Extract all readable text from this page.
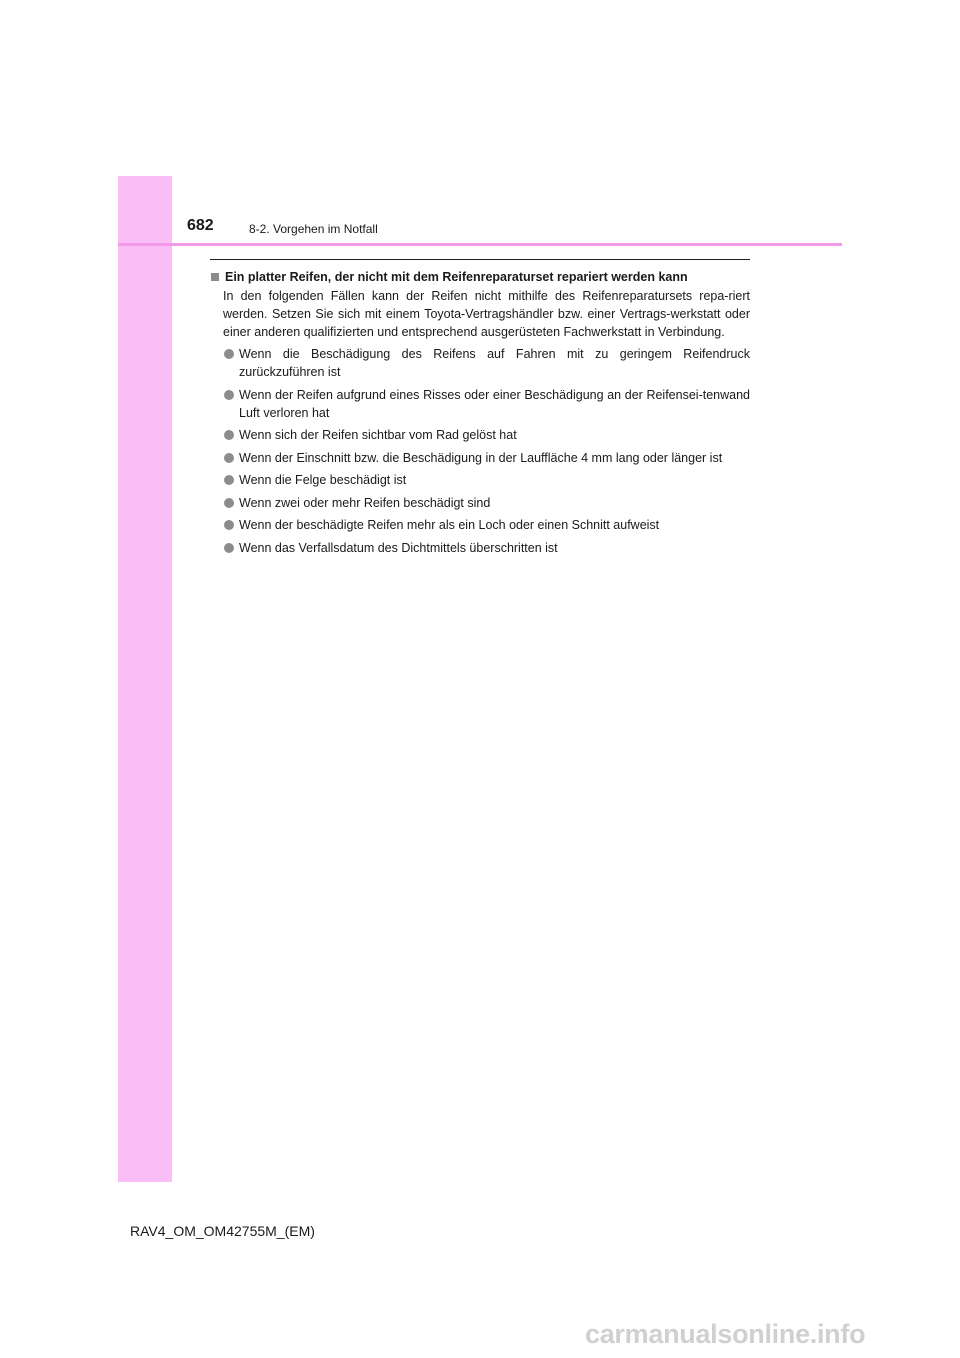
682	8-2. Vorgehen im Notfall
Ein platter Reifen, der nicht mit dem Reifenreparaturset repariert werden kann
In den folgenden Fällen kann der Reifen nicht mithilfe des Reifenreparatursets repa-riert werden. Setzen Sie sich mit einem Toyota-Vertragshändler bzw. einer Vertrags-werkstatt oder einer anderen qualifizierten und entsprechend ausgerüsteten Fachwerkstatt in Verbindung.
Wenn die Beschädigung des Reifens auf Fahren mit zu geringem Reifendruck zurückzuführen ist
Wenn der Reifen aufgrund eines Risses oder einer Beschädigung an der Reifensei-tenwand Luft verloren hat
Wenn sich der Reifen sichtbar vom Rad gelöst hat
Wenn der Einschnitt bzw. die Beschädigung in der Lauffläche 4 mm lang oder länger ist
Wenn die Felge beschädigt ist
Wenn zwei oder mehr Reifen beschädigt sind
Wenn der beschädigte Reifen mehr als ein Loch oder einen Schnitt aufweist
Wenn das Verfallsdatum des Dichtmittels überschritten ist
RAV4_OM_OM42755M_(EM)
carmanualsonline.info
